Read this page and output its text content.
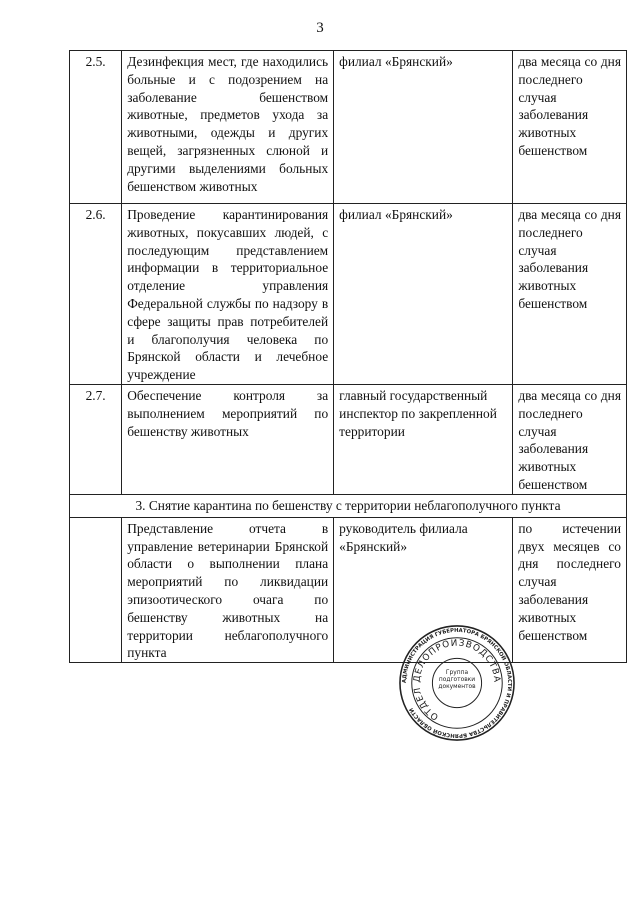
3
2.5.	Дезинфекция мест, где находились больные и с подозрением на заболевание бешенством животные, предметов ухода за животными, одежды и других вещей, загрязненных слюной и другими выделениями больных бешенством животных	филиал «Брянский»	два месяца со дня последнего случая заболевания животных бешенством
2.6.	Проведение карантинирования животных, покусавших людей, с последующим представлением информации в территориальное отделение управления Федеральной службы по надзору в сфере защиты прав потребителей и благополучия человека по Брянской области и лечебное учреждение	филиал «Брянский»	два месяца со дня последнего случая заболевания животных бешенством
2.7.	Обеспечение контроля за выполнением мероприятий по бешенству животных	главный государственный инспектор по закрепленной территории	два месяца со дня последнего случая заболевания животных бешенством
3. Снятие карантина по бешенству с территории неблагополучного пункта			
	Представление отчета в управление ветеринарии Брянской области о выполнении плана мероприятий по ликвидации эпизоотического очага по бешенству животных на территории неблагополучного пункта	руководитель филиала «Брянский»	по истечении двух месяцев со дня последнего случая заболевания животных бешенством
АДМИНИСТРАЦИЯ ГУБЕРНАТОРА БРЯНСКОЙ ОБЛАСТИ И ПРАВИТЕЛЬСТВА БРЯНСКОЙ ОБЛАСТИ	ОТДЕЛ ДЕЛОПРОИЗВОДСТВА
Группа подготовки документов
